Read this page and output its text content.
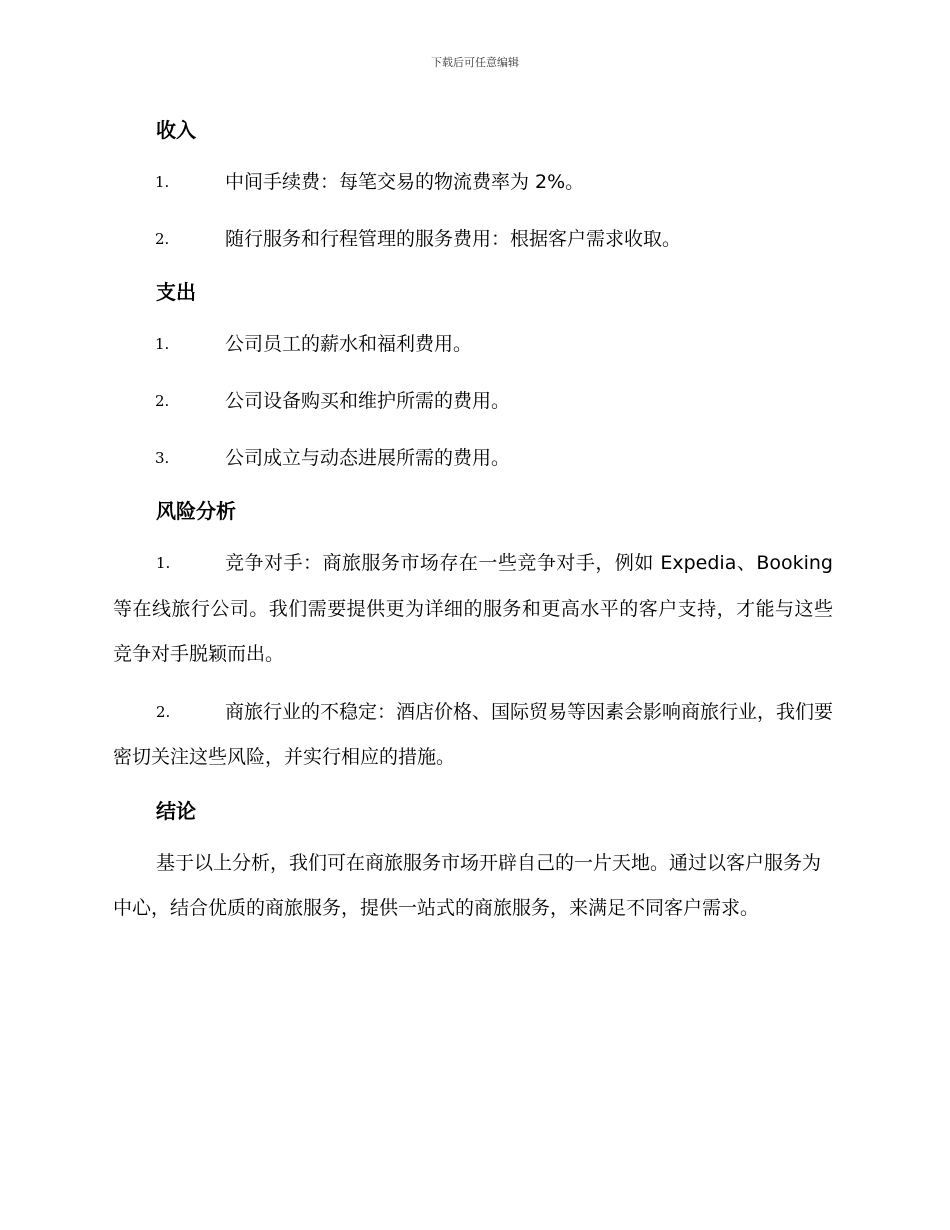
下载后可任意编辑
收入
1.	中间手续费：每笔交易的物流费率为 2%。
2.	随行服务和行程管理的服务费用：根据客户需求收取。
支出
1.	公司员工的薪水和福利费用。
2.	公司设备购买和维护所需的费用。
3.	公司成立与动态进展所需的费用。
风险分析

1.	竞争对手：商旅服务市场存在一些竞争对手，例如 Expedia、Booking 等在线旅行公司。我们需要提供更为详细的服务和更高水平的客户支持，才能与这些竞争对手脱颖而出。

2.	商旅行业的不稳定：酒店价格、国际贸易等因素会影响商旅行业，我们要密切关注这些风险，并实行相应的措施。

结论

基于以上分析，我们可在商旅服务市场开辟自己的一片天地。通过以客户服务为中心，结合优质的商旅服务，提供一站式的商旅服务，来满足不同客户需求。
